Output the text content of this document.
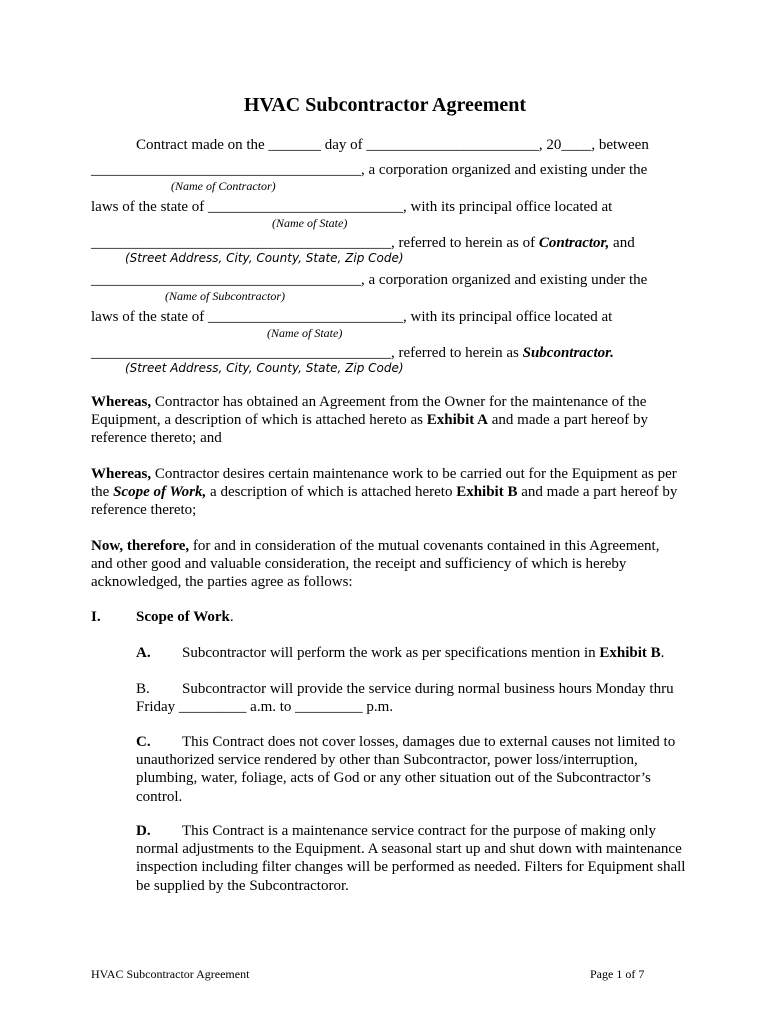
HVAC Subcontractor Agreement
Contract made on the _______ day of _______________________, 20____, between
____________________________________, a corporation organized and existing under the
(Name of Contractor)
laws of the state of __________________________, with its principal office located at
(Name of State)
________________________________________, referred to herein as of Contractor, and
(Street Address, City, County, State, Zip Code)
____________________________________, a corporation organized and existing under the
(Name of Subcontractor)
laws of the state of __________________________, with its principal office located at
(Name of State)
________________________________________, referred to herein as Subcontractor.
(Street Address, City, County, State, Zip Code)
Whereas, Contractor has obtained an Agreement from the Owner for the maintenance of the Equipment, a description of which is attached hereto as Exhibit A and made a part hereof by reference thereto; and
Whereas, Contractor desires certain maintenance work to be carried out for the Equipment as per the Scope of Work, a description of which is attached hereto Exhibit B and made a part hereof by reference thereto;
Now, therefore, for and in consideration of the mutual covenants contained in this Agreement, and other good and valuable consideration, the receipt and sufficiency of which is hereby acknowledged, the parties agree as follows:
I. Scope of Work.
A. Subcontractor will perform the work as per specifications mention in Exhibit B.
B. Subcontractor will provide the service during normal business hours Monday thru Friday _________ a.m. to _________ p.m.
C. This Contract does not cover losses, damages due to external causes not limited to unauthorized service rendered by other than Subcontractor, power loss/interruption, plumbing, water, foliage, acts of God or any other situation out of the Subcontractor’s control.
D. This Contract is a maintenance service contract for the purpose of making only normal adjustments to the Equipment. A seasonal start up and shut down with maintenance inspection including filter changes will be performed as needed. Filters for Equipment shall be supplied by the Subcontractoror.
HVAC Subcontractor Agreement	Page 1 of 7
